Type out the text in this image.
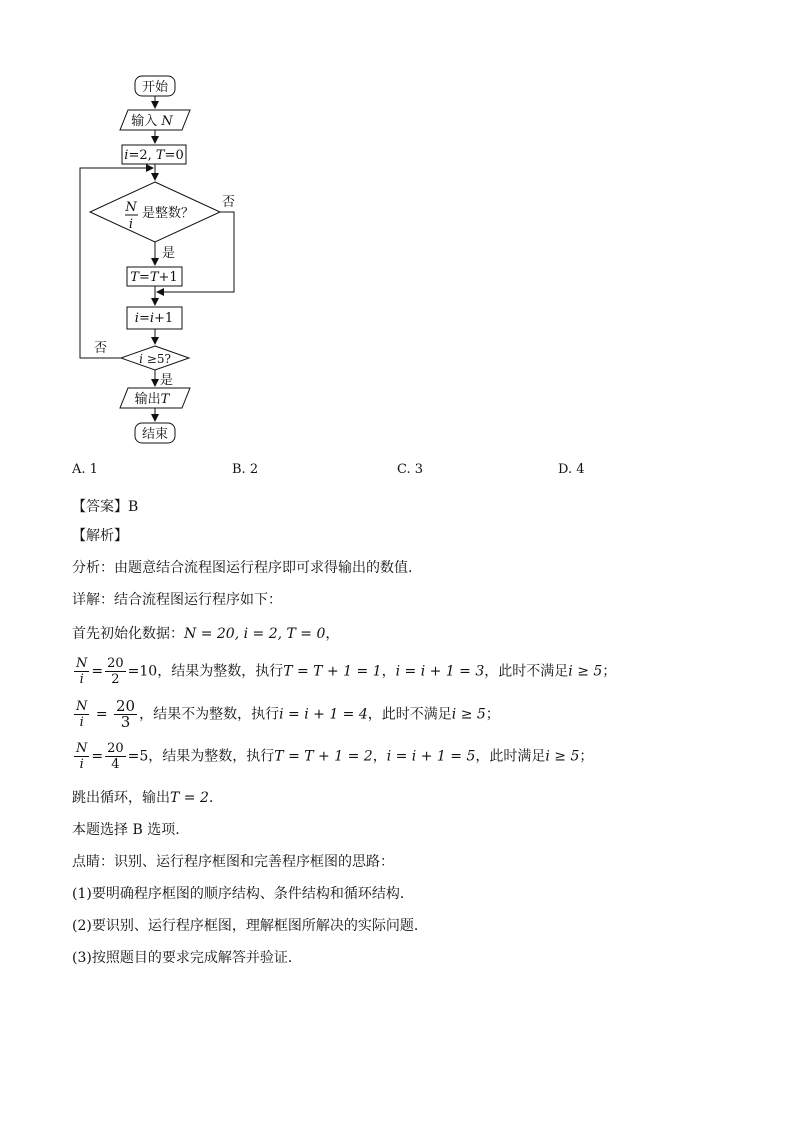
开始
输入 N
i=2, T=0
N
i
是整数？
否
是
T=T+1
i=i+1
i ≥5?
否
是
输出T
结束
A. 1	B. 2	C. 3	D. 4
【答案】B
【解析】
分析：由题意结合流程图运行程序即可求得输出的数值.
详解：结合流程图运行程序如下：
首先初始化数据：N = 20, i = 2, T = 0，
$\frac{N}{i} = \frac{20}{2} =10$，结果为整数，执行T = T + 1 = 1，i = i + 1 = 3，此时不满足i ≥ 5；
$\frac{N}{i} = \frac{20}{3}$ ，结果不为整数，执行i = i + 1 = 4，此时不满足i ≥ 5；
$\frac{N}{i} = \frac{20}{4} =5$，结果为整数，执行T = T + 1 = 2，i = i + 1 = 5，此时满足i ≥ 5；
跳出循环，输出T = 2.
本题选择 B 选项.
点睛：识别、运行程序框图和完善程序框图的思路：
(1)要明确程序框图的顺序结构、条件结构和循环结构．
(2)要识别、运行程序框图，理解框图所解决的实际问题．
(3)按照题目的要求完成解答并验证．
